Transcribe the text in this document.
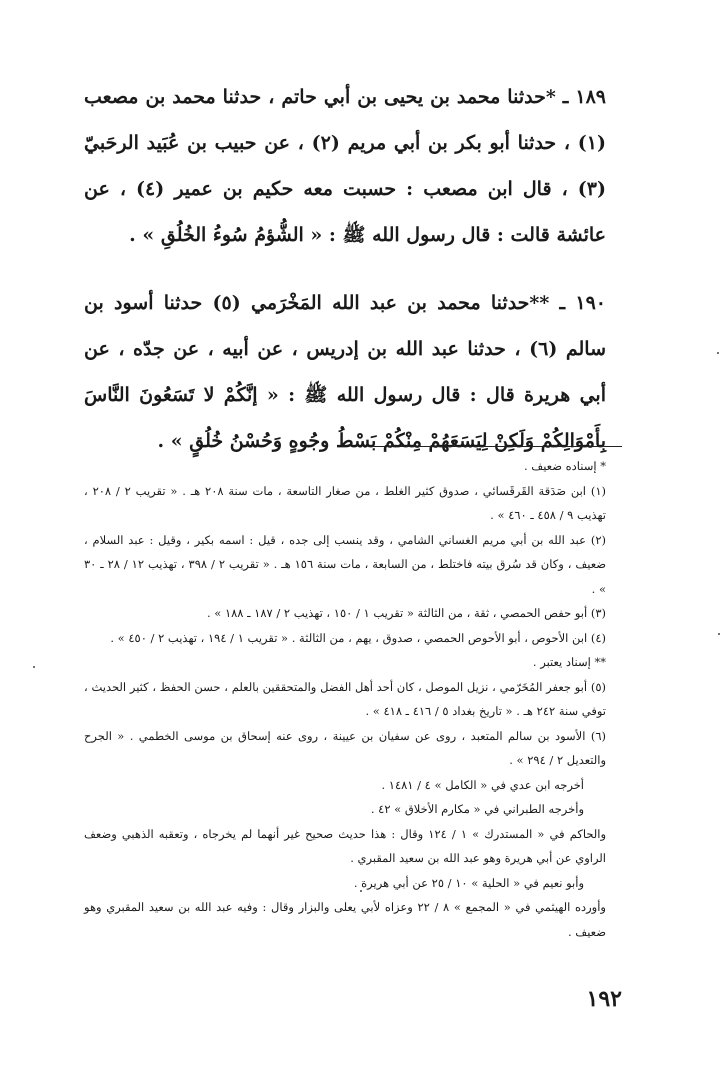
١٨٩ ـ *حدثنا محمد بن يحيى بن أبي حاتم ، حدثنا محمد بن مصعب (١) ، حدثنا أبو بكر بن أبي مريم (٢) ، عن حبيب بن عُبَيد الرحَبيّ (٣) ، قال ابن مصعب : حسبت معه حكيم بن عمير (٤) ، عن عائشة قالت : قال رسول الله ﷺ : « الشُّؤمُ سُوءُ الخُلُقِ » .

١٩٠ ـ **حدثنا محمد بن عبد الله المَخْرَمي (٥) حدثنا أسود بن سالم (٦) ، حدثنا عبد الله بن إدريس ، عن أبيه ، عن جدّه ، عن أبي هريرة قال : قال رسول الله ﷺ : « إنَّكُمْ لا تَسَعُونَ النَّاسَ بِأَمْوَالِكُمْ وَلَكِنْ لِيَسَعَهُمْ مِنْكُمْ بَسْطُ وجُوهٍ وَحُسْنُ خُلُقٍ » .

* إسناده ضعيف .

(١) ابن صَدَقة القَرقَسائي ، صدوق كثير الغلط ، من صغار التاسعة ، مات سنة ٢٠٨ هـ . « تقريب ٢ / ٢٠٨ ، تهذيب ٩ / ٤٥٨ ـ ٤٦٠ » .

(٢) عبد الله بن أبي مريم الغساني الشامي ، وقد ينسب إلى جده ، قيل : اسمه بكير ، وقيل : عبد السلام ، ضعيف ، وكان قد سُرق بيته فاختلط ، من السابعة ، مات سنة ١٥٦ هـ . « تقريب ٢ / ٣٩٨ ، تهذيب ١٢ / ٢٨ ـ ٣٠ » .

(٣) أبو حفص الحمصي ، ثقة ، من الثالثة « تقريب ١ / ١٥٠ ، تهذيب ٢ / ١٨٧ ـ ١٨٨ » .

(٤) ابن الأحوص ، أبو الأحوص الحمصي ، صدوق ، يهم ، من الثالثة . « تقريب ١ / ١٩٤ ، تهذيب ٢ / ٤٥٠ » .

** إسناد يعتبر .

(٥) أبو جعفر المُخَرّمي ، نزيل الموصل ، كان أحد أهل الفضل والمتحققين بالعلم ، حسن الحفظ ، كثير الحديث ، توفي سنة ٢٤٢ هـ . « تاريخ بغداد ٥ / ٤١٦ ـ ٤١٨ » .

(٦) الأسود بن سالم المتعبد ، روى عن سفيان بن عيينة ، روى عنه إسحاق بن موسى الخطمي . « الجرح والتعديل ٢ / ٢٩٤ » .

أخرجه ابن عدي في « الكامل » ٤ / ١٤٨١ .

وأخرجه الطبراني في « مكارم الأخلاق » ٤٢ .

والحاكم في « المستدرك » ١ / ١٢٤ وقال : هذا حديث صحيح غير أنهما لم يخرجاه ، وتعقبه الذهبي وضعف الراوي عن أبي هريرة وهو عبد الله بن سعيد المقبري .

وأبو نعيم في « الحلية » ١٠ / ٢٥ عن أبي هريرة .

وأورده الهيثمي في « المجمع » ٨ / ٢٢ وعزاه لأبي يعلى والبزار وقال : وفيه عبد الله بن سعيد المقبري وهو ضعيف .

١٩٢
